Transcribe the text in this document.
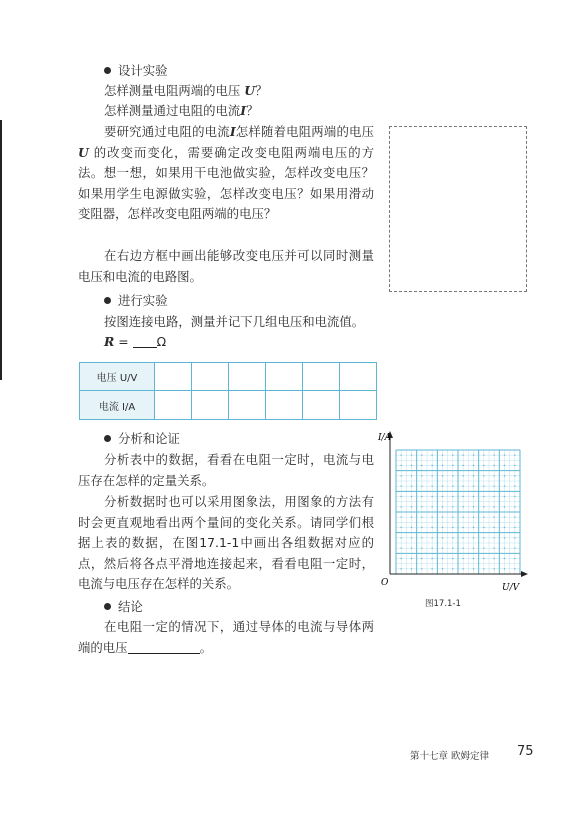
设计实验
怎样测量电阻两端的电压 U？
怎样测量通过电阻的电流I？
要研究通过电阻的电流I怎样随着电阻两端的电压 U 的改变而变化，需要确定改变电阻两端电压的方法。想一想，如果用干电池做实验，怎样改变电压？如果用学生电源做实验，怎样改变电压？如果用滑动变阻器，怎样改变电阻两端的电压？
在右边方框中画出能够改变电压并可以同时测量电压和电流的电路图。
进行实验
按图连接电路，测量并记下几组电压和电流值。
R = Ω
电压 U/V						
电流 I/A						
分析和论证
分析表中的数据，看看在电阻一定时，电流与电压存在怎样的定量关系。
分析数据时也可以采用图象法，用图象的方法有时会更直观地看出两个量间的变化关系。请同学们根据上表的数据，在图17.1-1中画出各组数据对应的点，然后将各点平滑地连接起来，看看电阻一定时，电流与电压存在怎样的关系。
结论
在电阻一定的情况下，通过导体的电流与导体两端的电压	。
I/A
U/V
O
图17.1-1
第十七章 欧姆定律 75
